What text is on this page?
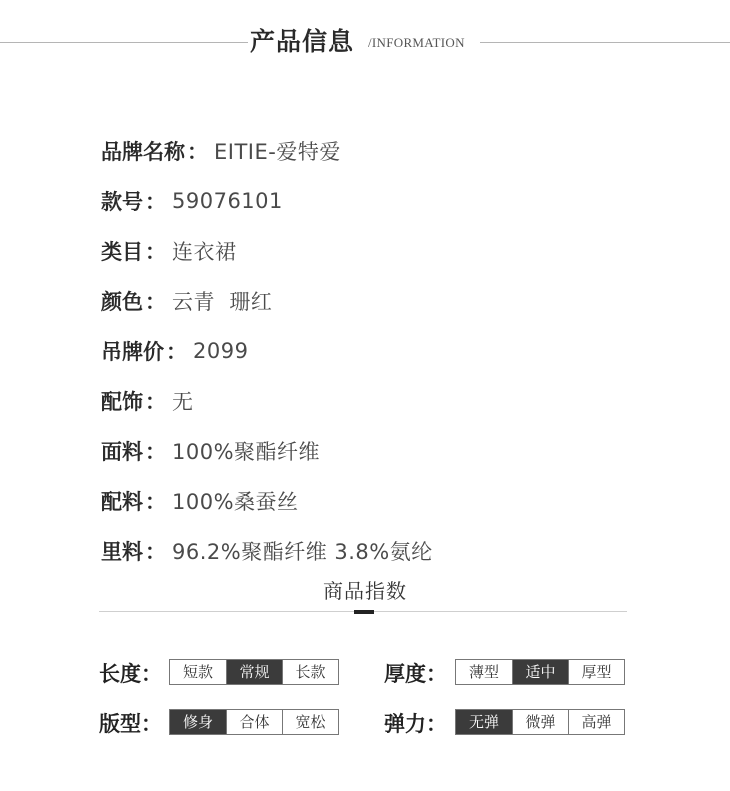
产品信息 /INFORMATION
品牌名称 ： EITIE-爱特爱
款号 ： 59076101
类目 ： 连衣裙
颜色 ： 云青  珊红
吊牌价 ： 2099
配饰 ： 无
面料 ： 100%聚酯纤维
配料 ： 100%桑蚕丝
里料 ： 96.2%聚酯纤维 3.8%氨纶
商品指数
长度 ：	短款	常规	长款	厚度 ：	薄型	适中	厚型
版型 ：	修身	合体	宽松	弹力 ：	无弹	微弹	高弹
